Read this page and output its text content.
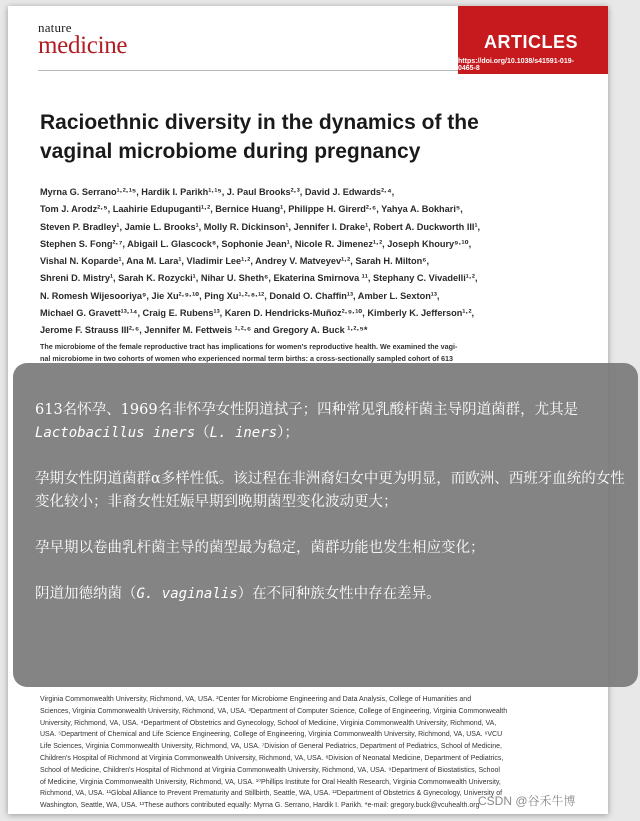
nature
medicine	ARTICLES
https://doi.org/10.1038/s41591-019-0465-8
Racioethnic diversity in the dynamics of the
vaginal microbiome during pregnancy
Myrna G. Serrano¹·²·¹⁵, Hardik I. Parikh¹·¹⁵, J. Paul Brooks²·³, David J. Edwards²·⁴,
Tom J. Arodz²·⁵, Laahirie Edupuganti¹·², Bernice Huang¹, Philippe H. Girerd²·⁶, Yahya A. Bokhari⁵,
Steven P. Bradley¹, Jamie L. Brooks¹, Molly R. Dickinson¹, Jennifer I. Drake¹, Robert A. Duckworth III¹,
Stephen S. Fong²·⁷, Abigail L. Glascock⁸, Sophonie Jean¹, Nicole R. Jimenez¹·², Joseph Khoury⁹·¹⁰,
Vishal N. Koparde¹, Ana M. Lara¹, Vladimir Lee¹·², Andrey V. Matveyev¹·², Sarah H. Milton⁶,
Shreni D. Mistry¹, Sarah K. Rozycki¹, Nihar U. Sheth⁶, Ekaterina Smirnova ¹¹, Stephany C. Vivadelli¹·²,
N. Romesh Wijesooriya⁹, Jie Xu²·⁹·¹⁰, Ping Xu¹·²·⁸·¹², Donald O. Chaffin¹³, Amber L. Sexton¹³,
Michael G. Gravett¹³·¹⁴, Craig E. Rubens¹³, Karen D. Hendricks-Muñoz²·⁹·¹⁰, Kimberly K. Jefferson¹·²,
Jerome F. Strauss III²·⁶, Jennifer M. Fettweis ¹·²·⁶ and Gregory A. Buck ¹·²·⁵*
The microbiome of the female reproductive tract has implications for women's reproductive health. We examined the vagi-
nal microbiome in two cohorts of women who experienced normal term births: a cross-sectionally sampled cohort of 613
Virginia Commonwealth University, Richmond, VA, USA. ²Center for Microbiome Engineering and Data Analysis, College of Humanities and
Sciences, Virginia Commonwealth University, Richmond, VA, USA. ³Department of Computer Science, College of Engineering, Virginia Commonwealth
University, Richmond, VA, USA. ⁴Department of Obstetrics and Gynecology, School of Medicine, Virginia Commonwealth University, Richmond, VA,
USA. ⁵Department of Chemical and Life Science Engineering, College of Engineering, Virginia Commonwealth University, Richmond, VA, USA. ⁶VCU
Life Sciences, Virginia Commonwealth University, Richmond, VA, USA. ⁷Division of General Pediatrics, Department of Pediatrics, School of Medicine,
Children's Hospital of Richmond at Virginia Commonwealth University, Richmond, VA, USA. ⁸Division of Neonatal Medicine, Department of Pediatrics,
School of Medicine, Children's Hospital of Richmond at Virginia Commonwealth University, Richmond, VA, USA. ⁹Department of Biostatistics, School
of Medicine, Virginia Commonwealth University, Richmond, VA, USA. ¹⁰Phillips Institute for Oral Health Research, Virginia Commonwealth University,
Richmond, VA, USA. ¹¹Global Alliance to Prevent Prematurity and Stillbirth, Seattle, WA, USA. ¹²Department of Obstetrics & Gynecology, University of
Washington, Seattle, WA, USA. ¹³These authors contributed equally: Myrna G. Serrano, Hardik I. Parikh. *e-mail: gregory.buck@vcuhealth.org

613名怀孕、1969名非怀孕女性阴道拭子；四种常见乳酸杆菌主导阴道菌群，尤其是 Lactobacillus iners（L. iners）；

孕期女性阴道菌群α多样性低。该过程在非洲裔妇女中更为明显，而欧洲、西班牙血统的女性变化较小；非裔女性妊娠早期到晚期菌型变化波动更大；

孕早期以卷曲乳杆菌主导的菌型最为稳定，菌群功能也发生相应变化；

阴道加德纳菌（G. vaginalis）在不同种族女性中存在差异。

CSDN @谷禾牛博
